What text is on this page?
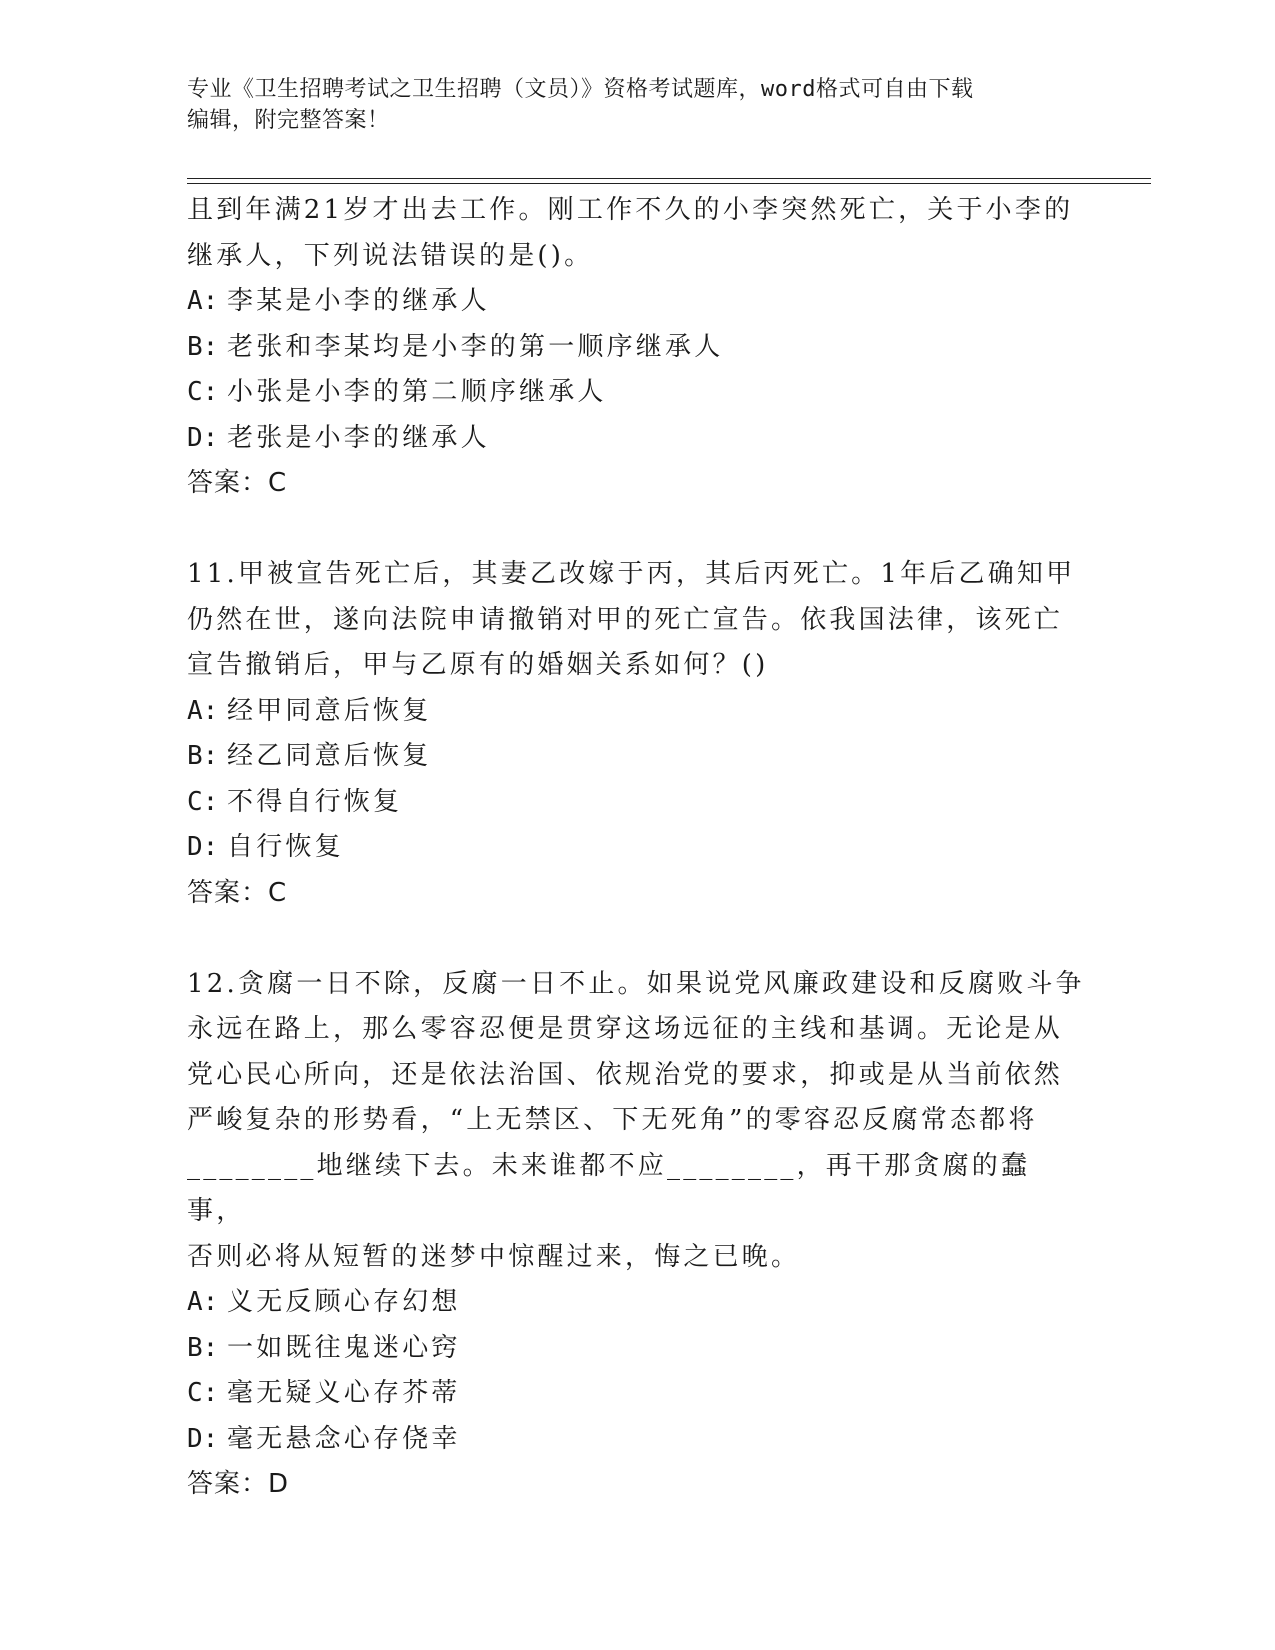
专业《卫生招聘考试之卫生招聘（文员）》资格考试题库，word格式可自由下载
编辑，附完整答案！
且到年满21岁才出去工作。刚工作不久的小李突然死亡，关于小李的
继承人，下列说法错误的是()。
A: 李某是小李的继承人
B: 老张和李某均是小李的第一顺序继承人
C: 小张是小李的第二顺序继承人
D: 老张是小李的继承人
答案：C
11.甲被宣告死亡后，其妻乙改嫁于丙，其后丙死亡。1年后乙确知甲
仍然在世，遂向法院申请撤销对甲的死亡宣告。依我国法律，该死亡
宣告撤销后，甲与乙原有的婚姻关系如何？()
A: 经甲同意后恢复
B: 经乙同意后恢复
C: 不得自行恢复
D: 自行恢复
答案：C
12.贪腐一日不除，反腐一日不止。如果说党风廉政建设和反腐败斗争
永远在路上，那么零容忍便是贯穿这场远征的主线和基调。无论是从
党心民心所向，还是依法治国、依规治党的要求，抑或是从当前依然
严峻复杂的形势看，“上无禁区、下无死角”的零容忍反腐常态都将
________地继续下去。未来谁都不应________，再干那贪腐的蠢事，
否则必将从短暂的迷梦中惊醒过来，悔之已晚。
A: 义无反顾心存幻想
B: 一如既往鬼迷心窍
C: 毫无疑义心存芥蒂
D: 毫无悬念心存侥幸
答案：D
